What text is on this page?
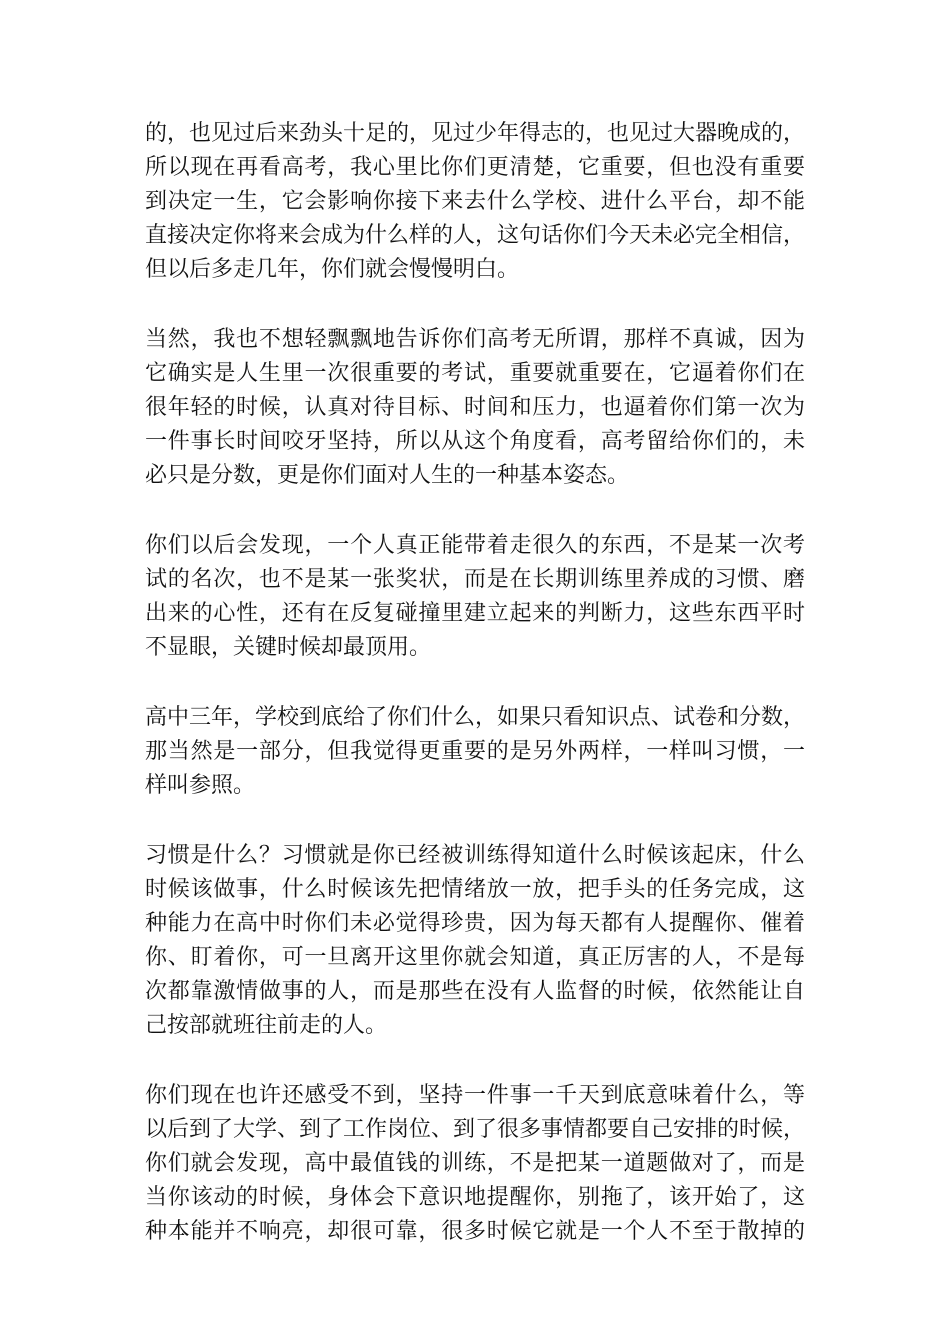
的，也见过后来劲头十足的，见过少年得志的，也见过大器晚成的，
所以现在再看高考，我心里比你们更清楚，它重要，但也没有重要
到决定一生，它会影响你接下来去什么学校、进什么平台，却不能
直接决定你将来会成为什么样的人，这句话你们今天未必完全相信，
但以后多走几年，你们就会慢慢明白。

当然，我也不想轻飘飘地告诉你们高考无所谓，那样不真诚，因为
它确实是人生里一次很重要的考试，重要就重要在，它逼着你们在
很年轻的时候，认真对待目标、时间和压力，也逼着你们第一次为
一件事长时间咬牙坚持，所以从这个角度看，高考留给你们的，未
必只是分数，更是你们面对人生的一种基本姿态。

你们以后会发现，一个人真正能带着走很久的东西，不是某一次考
试的名次，也不是某一张奖状，而是在长期训练里养成的习惯、磨
出来的心性，还有在反复碰撞里建立起来的判断力，这些东西平时
不显眼，关键时候却最顶用。

高中三年，学校到底给了你们什么，如果只看知识点、试卷和分数，
那当然是一部分，但我觉得更重要的是另外两样，一样叫习惯，一
样叫参照。

习惯是什么？习惯就是你已经被训练得知道什么时候该起床，什么
时候该做事，什么时候该先把情绪放一放，把手头的任务完成，这
种能力在高中时你们未必觉得珍贵，因为每天都有人提醒你、催着
你、盯着你，可一旦离开这里你就会知道，真正厉害的人，不是每
次都靠激情做事的人，而是那些在没有人监督的时候，依然能让自
己按部就班往前走的人。

你们现在也许还感受不到，坚持一件事一千天到底意味着什么，等
以后到了大学、到了工作岗位、到了很多事情都要自己安排的时候，
你们就会发现，高中最值钱的训练，不是把某一道题做对了，而是
当你该动的时候，身体会下意识地提醒你，别拖了，该开始了，这
种本能并不响亮，却很可靠，很多时候它就是一个人不至于散掉的
